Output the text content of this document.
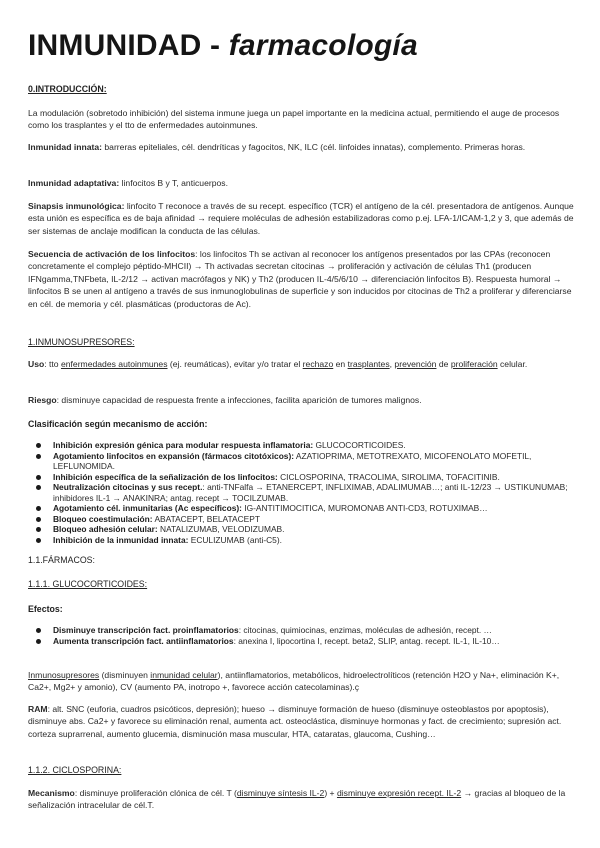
INMUNIDAD - farmacología
0.INTRODUCCIÓN:

La modulación (sobretodo inhibición) del sistema inmune juega un papel importante en la medicina actual, permitiendo el auge de procesos como los trasplantes y el tto de enfermedades autoinmunes.

Inmunidad innata: barreras epiteliales, cél. dendríticas y fagocitos, NK, ILC (cél. linfoides innatas), complemento. Primeras horas.

Inmunidad adaptativa: linfocitos B y T, anticuerpos.

Sinapsis inmunológica: linfocito T reconoce a través de su recept. específico (TCR) el antígeno de la cél. presentadora de antígenos. Aunque esta unión es específica es de baja afinidad → requiere moléculas de adhesión estabilizadoras como p.ej. LFA-1/ICAM-1,2 y 3, que además de ser sistemas de anclaje modifican la conducta de las células.

Secuencia de activación de los linfocitos: los linfocitos Th se activan al reconocer los antígenos presentados por las CPAs (reconocen concretamente el complejo péptido-MHCII) → Th activadas secretan citocinas → proliferación y activación de células Th1 (producen IFNgamma,TNFbeta, IL-2/12 → activan macrófagos y NK) y Th2 (producen IL-4/5/6/10 → diferenciación linfocitos B). Respuesta humoral → linfocitos B se unen al antígeno a través de sus inmunoglobulinas de superficie y son inducidos por citocinas de Th2 a proliferar y diferenciarse en cél. de memoria y cél. plasmáticas (productoras de Ac).

1.INMUNOSUPRESORES:

Uso: tto enfermedades autoinmunes (ej. reumáticas), evitar y/o tratar el rechazo en trasplantes, prevención de proliferación celular.

Riesgo: disminuye capacidad de respuesta frente a infecciones, facilita aparición de tumores malignos.

Clasificación según mecanismo de acción:
Inhibición expresión génica para modular respuesta inflamatoria: GLUCOCORTICOIDES.
Agotamiento linfocitos en expansión (fármacos citotóxicos): AZATIOPRIMA, METOTREXATO, MICOFENOLATO MOFETIL, LEFLUNOMIDA.
Inhibición específica de la señalización de los linfocitos: CICLOSPORINA, TRACOLIMA, SIROLIMA, TOFACITINIB.
Neutralización citocinas y sus recept.: anti-TNFalfa → ETANERCEPT, INFLIXIMAB, ADALIMUMAB…; anti IL-12/23 → USTIKUNUMAB; inhibidores IL-1 → ANAKINRA; antag. recept → TOCILZUMAB.
Agotamiento cél. inmunitarias (Ac específicos): IG-ANTITIMOCITICA, MUROMONAB ANTI-CD3, ROTUXIMAB…
Bloqueo coestimulación: ABATACEPT, BELATACEPT
Bloqueo adhesión celular: NATALIZUMAB, VELODIZUMAB.
Inhibición de la inmunidad innata: ECULIZUMAB (anti-C5).
1.1.FÁRMACOS:
1.1.1. GLUCOCORTICOIDES:
Efectos:
Disminuye transcripción fact. proinflamatorios: citocinas, quimiocinas, enzimas, moléculas de adhesión, recept. …
Aumenta transcripción fact. antiinflamatorios: anexina I, lipocortina I, recept. beta2, SLIP, antag. recept. IL-1, IL-10…

Inmunosupresores (disminuyen inmunidad celular), antiinflamatorios, metabólicos, hidroelectrolíticos (retención H2O y Na+, eliminación K+, Ca2+, Mg2+ y amonio), CV (aumento PA, inotropo +, favorece acción catecolaminas).ç

RAM: alt. SNC (euforia, cuadros psicóticos, depresión); hueso → disminuye formación de hueso (disminuye osteoblastos por apoptosis), disminuye abs. Ca2+ y favorece su eliminación renal, aumenta act. osteoclástica, disminuye hormonas y fact. de crecimiento; supresión act. corteza suprarrenal, aumento glucemia, disminución masa muscular, HTA, cataratas, glaucoma, Cushing…

1.1.2. CICLOSPORINA:

Mecanismo: disminuye proliferación clónica de cél. T (disminuye síntesis IL-2) + disminuye expresión recept. IL-2 → gracias al bloqueo de la señalización intracelular de cél.T.
